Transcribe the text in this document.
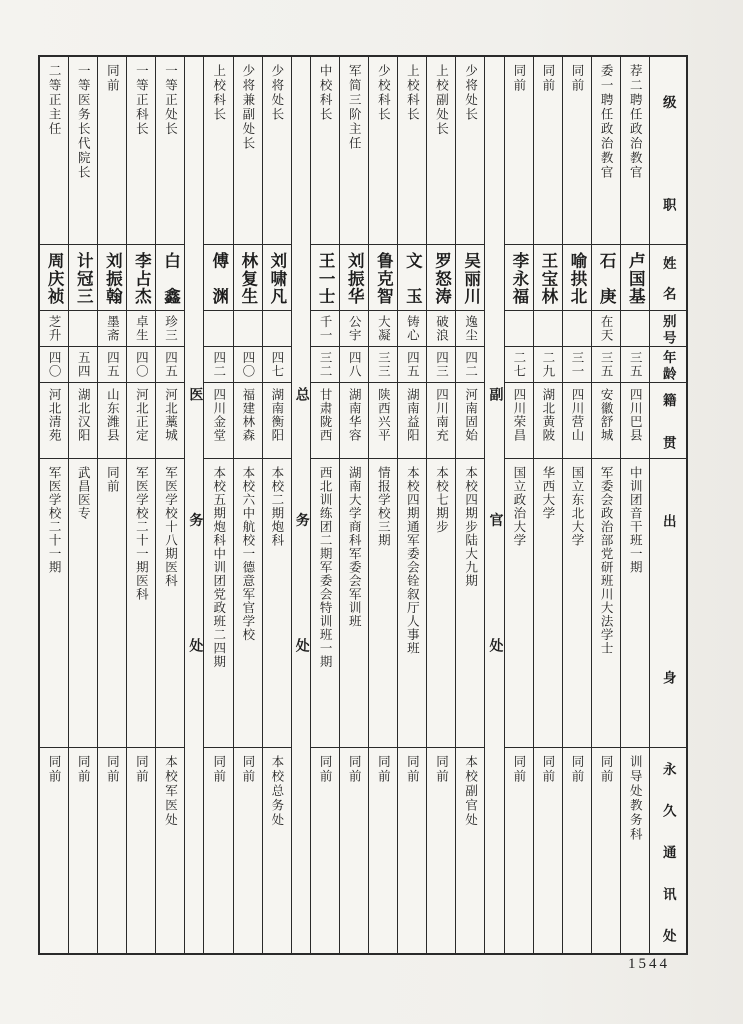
级职
姓名
别号
年龄
籍贯
出身
永久通讯处
荐二聘任政治教官
卢国基
三五
四川巴县
中训团音干班一期
训导处教务科
委一聘任政治教官
石庚
在天
三五
安徽舒城
军委会政治部党研班川大法学士
同前
同前
喻拱北
三一
四川营山
国立东北大学
同前
同前
王宝林
二九
湖北黄陂
华西大学
同前
同前
李永福
二七
四川荣昌
国立政治大学
同前
副官处
少将处长
吴丽川
逸尘
四二
河南固始
本校四期步陆大九期
本校副官处
上校副处长
罗怒涛
破浪
四三
四川南充
本校七期步
同前
上校科长
文玉
铸心
四五
湖南益阳
本校四期通军委会铨叙厅人事班
同前
少校科长
鲁克智
大凝
三三
陕西兴平
情报学校三期
同前
军简三阶主任
刘振华
公宇
四八
湖南华容
湖南大学商科军委会军训班
同前
中校科长
王一士
千一
三二
甘肃陇西
西北训练团二期军委会特训班一期
同前
总务处
少将处长
刘啸凡
四七
湖南衡阳
本校二期炮科
本校总务处
少将兼副处长
林复生
四〇
福建林森
本校六中航校一德意军官学校
同前
上校科长
傅渊
四二
四川金堂
本校五期炮科中训团党政班二四期
同前
医务处
一等正处长
白鑫
珍三
四五
河北藁城
军医学校十八期医科
本校军医处
一等正科长
李占杰
卓生
四〇
河北正定
军医学校二十一期医科
同前
同前
刘振翰
墨斋
四五
山东潍县
同前
同前
一等医务长代院长
计冠三
五四
湖北汉阳
武昌医专
同前
二等正主任
周庆祯
芝升
四〇
河北清苑
军医学校二十一期
同前
1544
